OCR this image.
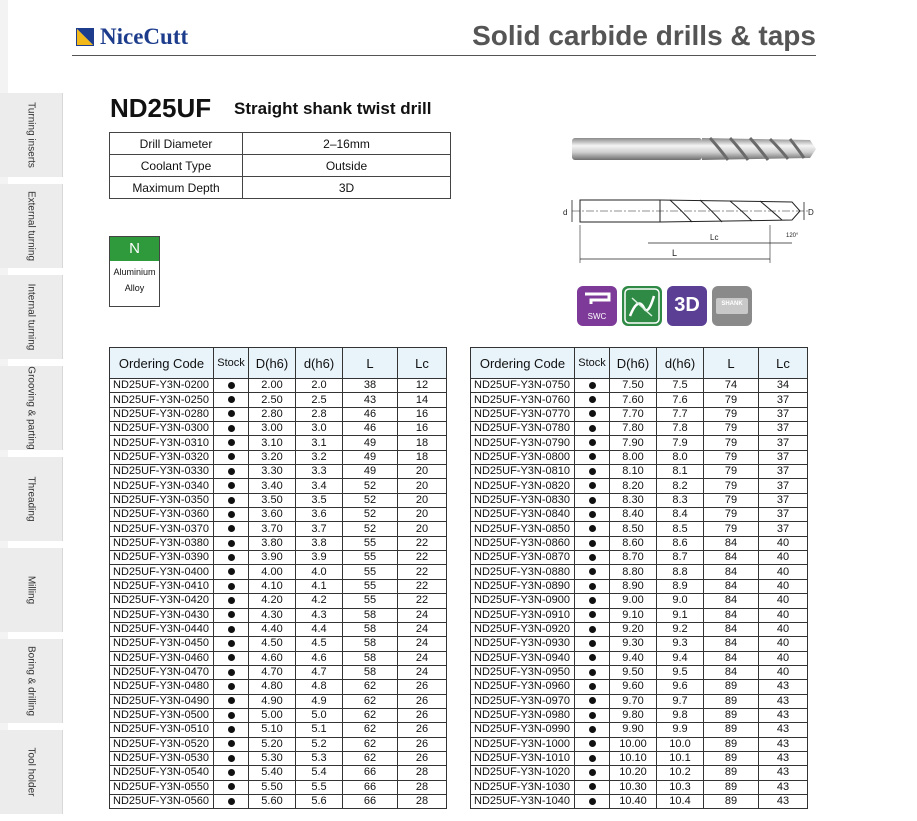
Turning inserts
External turning
Internal turning
Grooving & parting
Threading
Milling
Boring & drilling
Tool holder
NiceCutt	Solid carbide drills & taps
ND25UF Straight shank twist drill
Drill Diameter	2–16mm
Coolant Type	Outside
Maximum Depth	3D
N
Aluminium Alloy
d	D
Lc
L
120°
SWC
3D	SHANK
Ordering Code	Stock	D(h6)	d(h6)	L	Lc
ND25UF-Y3N-0200		2.00	2.0	38	12
ND25UF-Y3N-0250		2.50	2.5	43	14
ND25UF-Y3N-0280		2.80	2.8	46	16
ND25UF-Y3N-0300		3.00	3.0	46	16
ND25UF-Y3N-0310		3.10	3.1	49	18
ND25UF-Y3N-0320		3.20	3.2	49	18
ND25UF-Y3N-0330		3.30	3.3	49	20
ND25UF-Y3N-0340		3.40	3.4	52	20
ND25UF-Y3N-0350		3.50	3.5	52	20
ND25UF-Y3N-0360		3.60	3.6	52	20
ND25UF-Y3N-0370		3.70	3.7	52	20
ND25UF-Y3N-0380		3.80	3.8	55	22
ND25UF-Y3N-0390		3.90	3.9	55	22
ND25UF-Y3N-0400		4.00	4.0	55	22
ND25UF-Y3N-0410		4.10	4.1	55	22
ND25UF-Y3N-0420		4.20	4.2	55	22
ND25UF-Y3N-0430		4.30	4.3	58	24
ND25UF-Y3N-0440		4.40	4.4	58	24
ND25UF-Y3N-0450		4.50	4.5	58	24
ND25UF-Y3N-0460		4.60	4.6	58	24
ND25UF-Y3N-0470		4.70	4.7	58	24
ND25UF-Y3N-0480		4.80	4.8	62	26
ND25UF-Y3N-0490		4.90	4.9	62	26
ND25UF-Y3N-0500		5.00	5.0	62	26
ND25UF-Y3N-0510		5.10	5.1	62	26
ND25UF-Y3N-0520		5.20	5.2	62	26
ND25UF-Y3N-0530		5.30	5.3	62	26
ND25UF-Y3N-0540		5.40	5.4	66	28
ND25UF-Y3N-0550		5.50	5.5	66	28
ND25UF-Y3N-0560		5.60	5.6	66	28
Ordering Code	Stock	D(h6)	d(h6)	L	Lc
ND25UF-Y3N-0750		7.50	7.5	74	34
ND25UF-Y3N-0760		7.60	7.6	79	37
ND25UF-Y3N-0770		7.70	7.7	79	37
ND25UF-Y3N-0780		7.80	7.8	79	37
ND25UF-Y3N-0790		7.90	7.9	79	37
ND25UF-Y3N-0800		8.00	8.0	79	37
ND25UF-Y3N-0810		8.10	8.1	79	37
ND25UF-Y3N-0820		8.20	8.2	79	37
ND25UF-Y3N-0830		8.30	8.3	79	37
ND25UF-Y3N-0840		8.40	8.4	79	37
ND25UF-Y3N-0850		8.50	8.5	79	37
ND25UF-Y3N-0860		8.60	8.6	84	40
ND25UF-Y3N-0870		8.70	8.7	84	40
ND25UF-Y3N-0880		8.80	8.8	84	40
ND25UF-Y3N-0890		8.90	8.9	84	40
ND25UF-Y3N-0900		9.00	9.0	84	40
ND25UF-Y3N-0910		9.10	9.1	84	40
ND25UF-Y3N-0920		9.20	9.2	84	40
ND25UF-Y3N-0930		9.30	9.3	84	40
ND25UF-Y3N-0940		9.40	9.4	84	40
ND25UF-Y3N-0950		9.50	9.5	84	40
ND25UF-Y3N-0960		9.60	9.6	89	43
ND25UF-Y3N-0970		9.70	9.7	89	43
ND25UF-Y3N-0980		9.80	9.8	89	43
ND25UF-Y3N-0990		9.90	9.9	89	43
ND25UF-Y3N-1000		10.00	10.0	89	43
ND25UF-Y3N-1010		10.10	10.1	89	43
ND25UF-Y3N-1020		10.20	10.2	89	43
ND25UF-Y3N-1030		10.30	10.3	89	43
ND25UF-Y3N-1040		10.40	10.4	89	43
